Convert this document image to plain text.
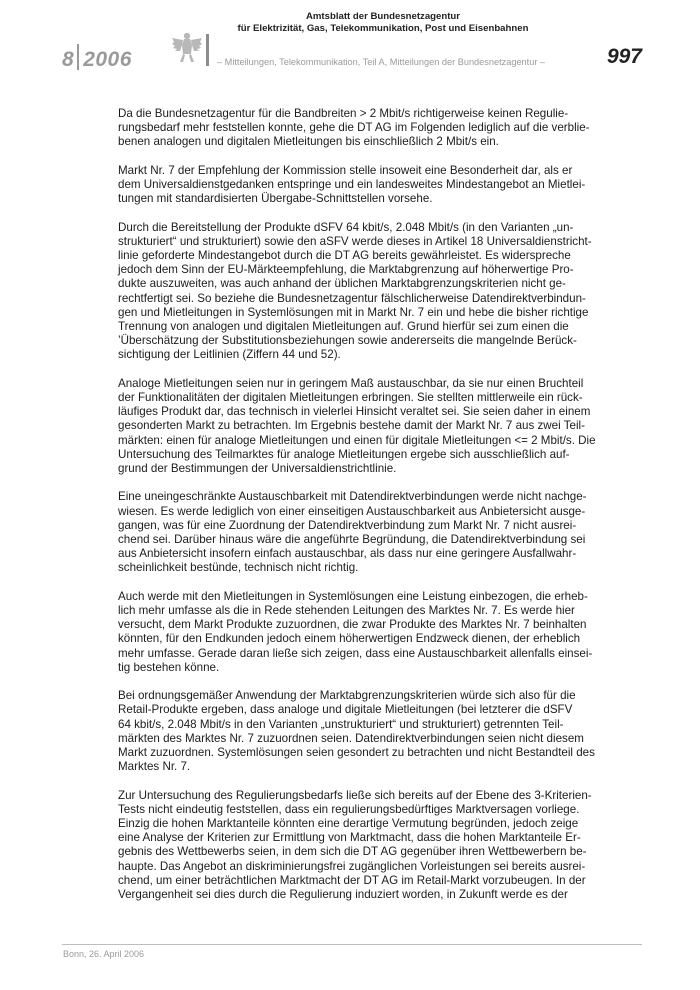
8 2006
Amtsblatt der Bundesnetzagentur
für Elektrizität, Gas, Telekommunikation, Post und Eisenbahnen
– Mitteilungen, Telekommunikation, Teil A, Mitteilungen der Bundesnetzagentur –	997

Da die Bundesnetzagentur für die Bandbreiten > 2 Mbit/s richtigerweise keinen Regulie-
rungsbedarf mehr feststellen konnte, gehe die DT AG im Folgenden lediglich auf die verblie-
benen analogen und digitalen Mietleitungen bis einschließlich 2 Mbit/s ein.

Markt Nr. 7 der Empfehlung der Kommission stelle insoweit eine Besonderheit dar, als er
dem Universaldienstgedanken entspringe und ein landesweites Mindestangebot an Mietlei-
tungen mit standardisierten Übergabe-Schnittstellen vorsehe.

Durch die Bereitstellung der Produkte dSFV 64 kbit/s, 2.048 Mbit/s (in den Varianten „un-
strukturiert“ und strukturiert) sowie den aSFV werde dieses in Artikel 18 Universaldienstricht-
linie geforderte Mindestangebot durch die DT AG bereits gewährleistet. Es widerspreche
jedoch dem Sinn der EU-Märkteempfehlung, die Marktabgrenzung auf höherwertige Pro-
dukte auszuweiten, was auch anhand der üblichen Marktabgrenzungskriterien nicht ge-
rechtfertigt sei. So beziehe die Bundesnetzagentur fälschlicherweise Datendirektverbindun-
gen und Mietleitungen in Systemlösungen mit in Markt Nr. 7 ein und hebe die bisher richtige
Trennung von analogen und digitalen Mietleitungen auf. Grund hierfür sei zum einen die
’Überschätzung der Substitutionsbeziehungen sowie andererseits die mangelnde Berück-
sichtigung der Leitlinien (Ziffern 44 und 52).

Analoge Mietleitungen seien nur in geringem Maß austauschbar, da sie nur einen Bruchteil
der Funktionalitäten der digitalen Mietleitungen erbringen. Sie stellten mittlerweile ein rück-
läufiges Produkt dar, das technisch in vielerlei Hinsicht veraltet sei. Sie seien daher in einem
gesonderten Markt zu betrachten. Im Ergebnis bestehe damit der Markt Nr. 7 aus zwei Teil-
märkten: einen für analoge Mietleitungen und einen für digitale Mietleitungen <= 2 Mbit/s. Die
Untersuchung des Teilmarktes für analoge Mietleitungen ergebe sich ausschließlich auf-
grund der Bestimmungen der Universaldienstrichtlinie.

Eine uneingeschränkte Austauschbarkeit mit Datendirektverbindungen werde nicht nachge-
wiesen. Es werde lediglich von einer einseitigen Austauschbarkeit aus Anbietersicht ausge-
gangen, was für eine Zuordnung der Datendirektverbindung zum Markt Nr. 7 nicht ausrei-
chend sei. Darüber hinaus wäre die angeführte Begründung, die Datendirektverbindung sei
aus Anbietersicht insofern einfach austauschbar, als dass nur eine geringere Ausfallwahr-
scheinlichkeit bestünde, technisch nicht richtig.

Auch werde mit den Mietleitungen in Systemlösungen eine Leistung einbezogen, die erheb-
lich mehr umfasse als die in Rede stehenden Leitungen des Marktes Nr. 7. Es werde hier
versucht, dem Markt Produkte zuzuordnen, die zwar Produkte des Marktes Nr. 7 beinhalten
könnten, für den Endkunden jedoch einem höherwertigen Endzweck dienen, der erheblich
mehr umfasse. Gerade daran ließe sich zeigen, dass eine Austauschbarkeit allenfalls einsei-
tig bestehen könne.

Bei ordnungsgemäßer Anwendung der Marktabgrenzungskriterien würde sich also für die
Retail-Produkte ergeben, dass analoge und digitale Mietleitungen (bei letzterer die dSFV
64 kbit/s, 2.048 Mbit/s in den Varianten „unstrukturiert“ und strukturiert) getrennten Teil-
märkten des Marktes Nr. 7 zuzuordnen seien. Datendirektverbindungen seien nicht diesem
Markt zuzuordnen. Systemlösungen seien gesondert zu betrachten und nicht Bestandteil des
Marktes Nr. 7.

Zur Untersuchung des Regulierungsbedarfs ließe sich bereits auf der Ebene des 3-Kriterien-
Tests nicht eindeutig feststellen, dass ein regulierungsbedürftiges Marktversagen vorliege.
Einzig die hohen Marktanteile könnten eine derartige Vermutung begründen, jedoch zeige
eine Analyse der Kriterien zur Ermittlung von Marktmacht, dass die hohen Marktanteile Er-
gebnis des Wettbewerbs seien, in dem sich die DT AG gegenüber ihren Wettbewerbern be-
haupte. Das Angebot an diskriminierungsfrei zugänglichen Vorleistungen sei bereits ausrei-
chend, um einer beträchtlichen Marktmacht der DT AG im Retail-Markt vorzubeugen. In der
Vergangenheit sei dies durch die Regulierung induziert worden, in Zukunft werde es der

Bonn, 26. April 2006
